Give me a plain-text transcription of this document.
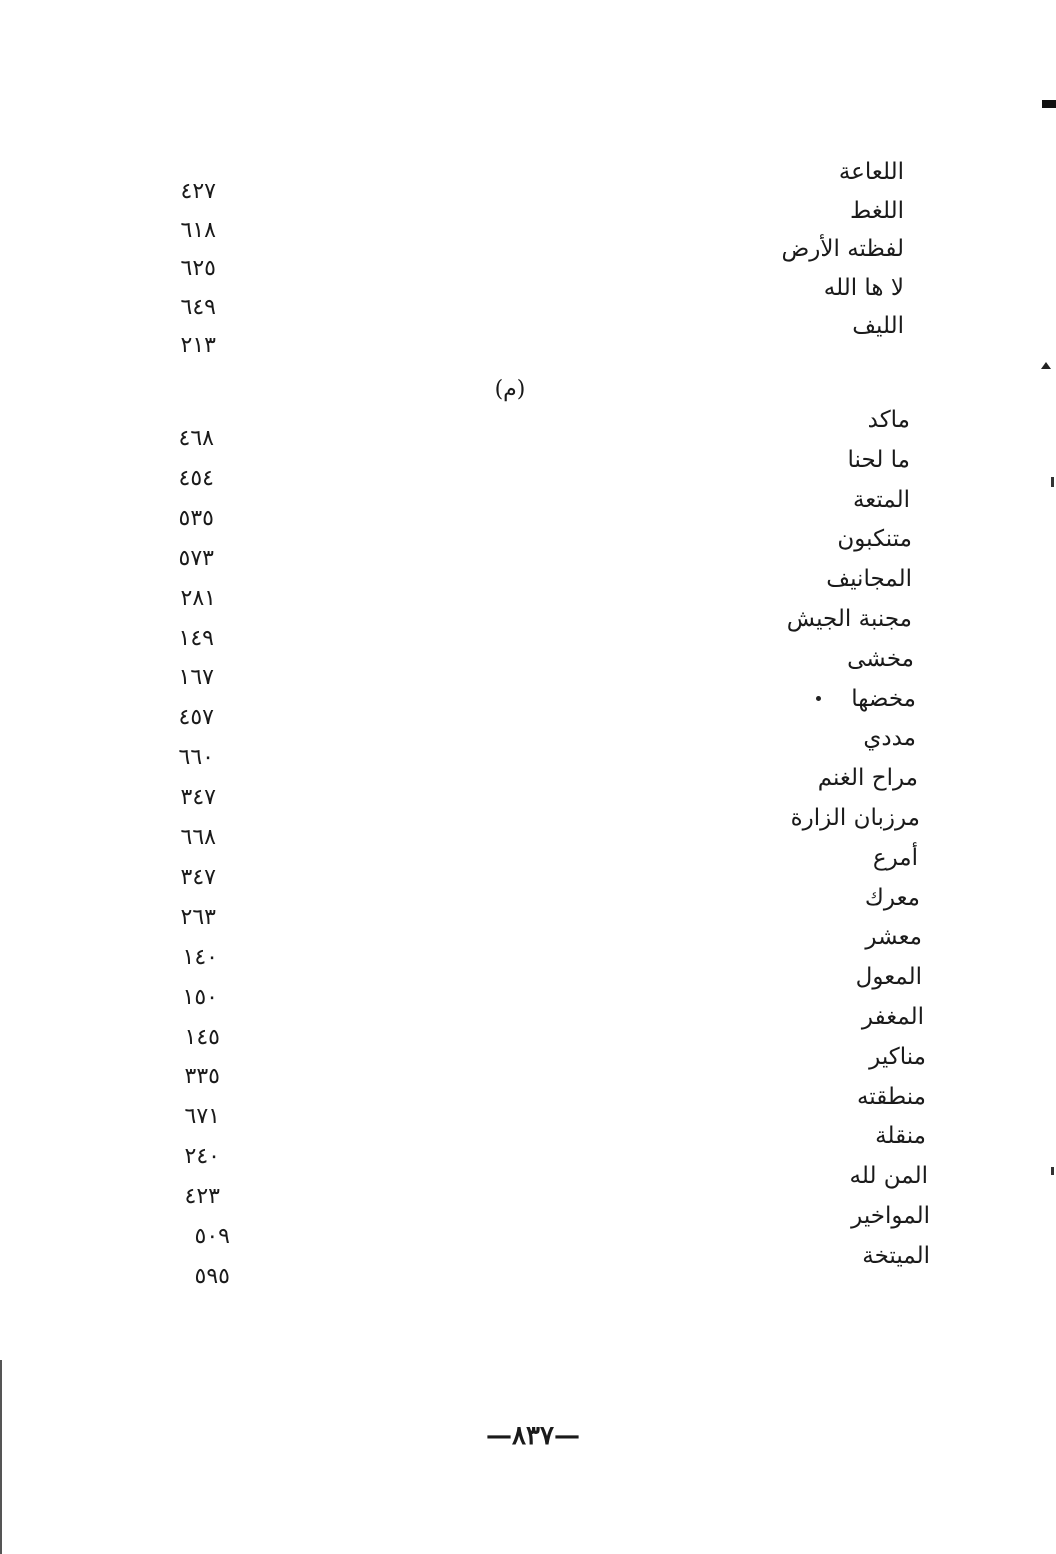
اللعاعة
اللغط
لفظته الأرض
لا ها الله
الليف
٤٢٧
٦١٨
٦٢٥
٦٤٩
٢١٣
ماكد
ما لحنا
المتعة
متنكبون
المجانيف
مجنبة الجيش
مخشى
مخضها
مددي
مراح الغنم
مرزبان الزارة
أمرع
معرك
معشر
المعول
المغفر
مناكير
منطقته
منقلة
المن لله
المواخير
الميتخة
٤٦٨
٤٥٤
٥٣٥
٥٧٣
٢٨١
١٤٩
١٦٧
٤٥٧
٦٦٠
٣٤٧
٦٦٨
٣٤٧
٢٦٣
١٤٠
١٥٠
١٤٥
٣٣٥
٦٧١
٢٤٠
٤٢٣
٥٠٩
٥٩٥
(م)
—٨٣٧—
